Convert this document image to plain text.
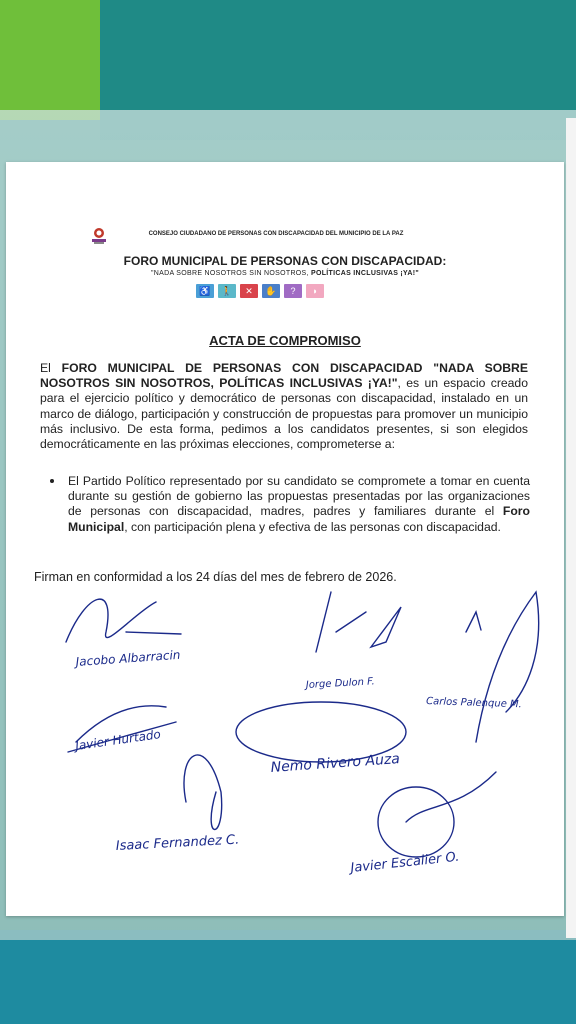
CONSEJO CIUDADANO DE PERSONAS CON DISCAPACIDAD DEL MUNICIPIO DE LA PAZ
FORO MUNICIPAL DE PERSONAS CON DISCAPACIDAD:
"NADA SOBRE NOSOTROS SIN NOSOTROS, POLÍTICAS INCLUSIVAS ¡YA!"
♿	🚶	✕	✋	?	◗
ACTA DE COMPROMISO
El FORO MUNICIPAL DE PERSONAS CON DISCAPACIDAD "NADA SOBRE NOSOTROS SIN NOSOTROS, POLÍTICAS INCLUSIVAS ¡YA!", es un espacio creado para el ejercicio político y democrático de personas con discapacidad, instalado en un marco de diálogo, participación y construcción de propuestas para promover un municipio más inclusivo. De esta forma, pedimos a los candidatos presentes, si son elegidos democráticamente en las próximas elecciones, comprometerse a:
El Partido Político representado por su candidato se compromete a tomar en cuenta durante su gestión de gobierno las propuestas presentadas por las organizaciones de personas con discapacidad, madres, padres y familiares durante el Foro Municipal, con participación plena y efectiva de las personas con discapacidad.
Firman en conformidad a los 24 días del mes de febrero de 2026.
Jacobo Albarracin
Jorge Dulon F.
Carlos Palenque M.
Javier Hurtado
Nemo Rivero Auza
Isaac Fernandez C.
Javier Escalier O.
